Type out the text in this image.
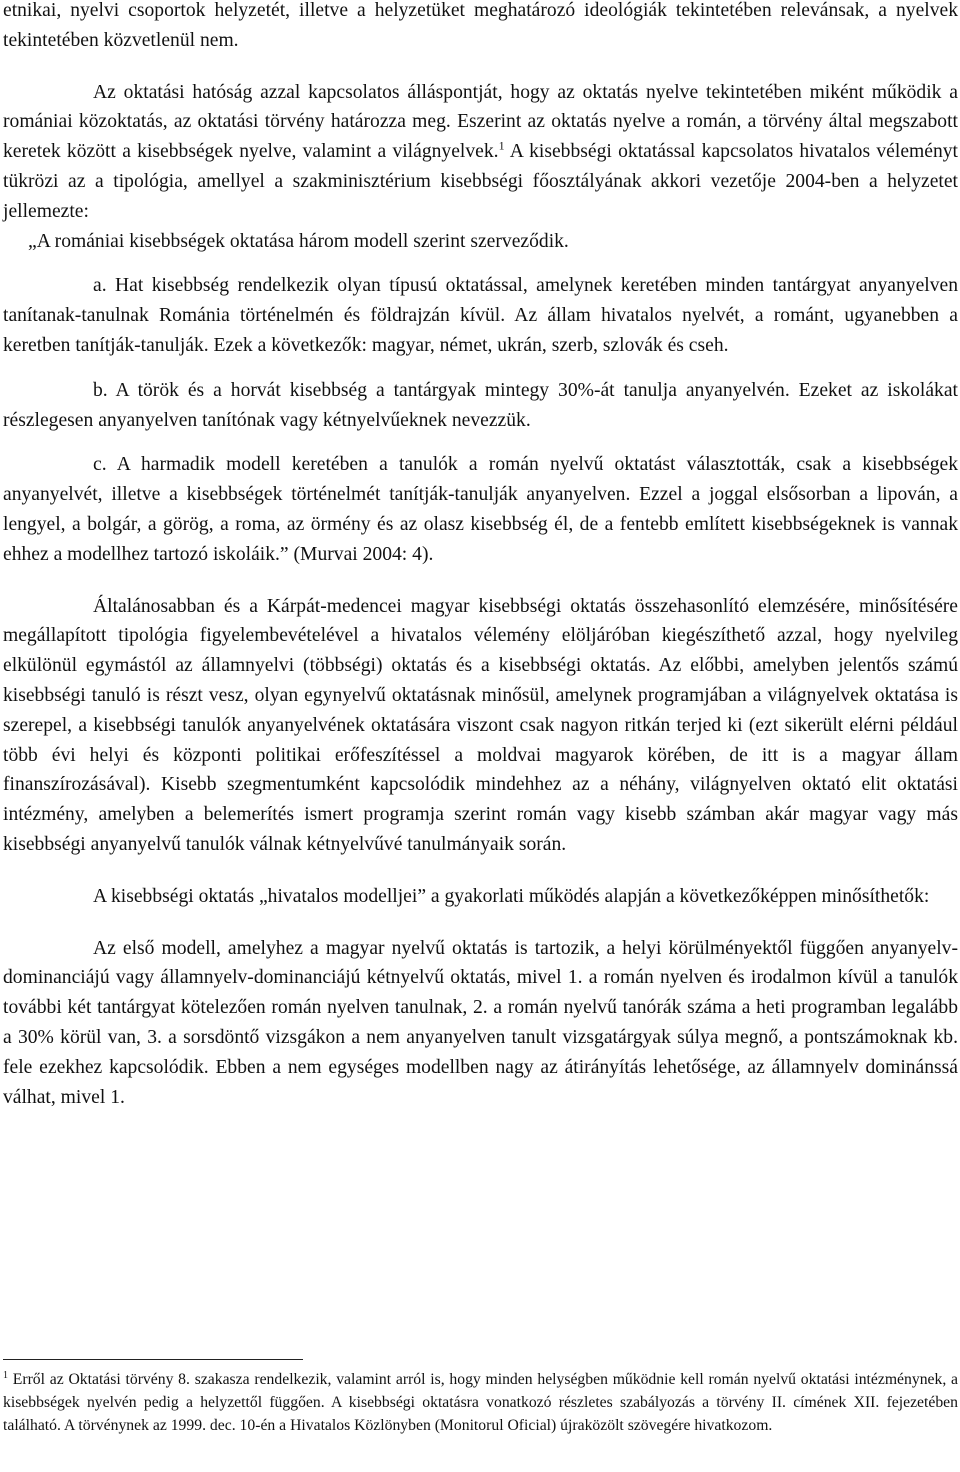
etnikai, nyelvi csoportok helyzetét, illetve a helyzetüket meghatározó ideológiák tekintetében relevánsak, a nyelvek tekintetében közvetlenül nem.

Az oktatási hatóság azzal kapcsolatos álláspontját, hogy az oktatás nyelve tekintetében miként működik a romániai közoktatás, az oktatási törvény határozza meg. Eszerint az oktatás nyelve a román, a törvény által megszabott keretek között a kisebbségek nyelve, valamint a világnyelvek.$^1$ A kisebbségi oktatással kapcsolatos hivatalos véleményt tükrözi az a tipológia, amellyel a szakminisztérium kisebbségi főosztályának akkori vezetője 2004-ben a helyzetet jellemezte:

„A romániai kisebbségek oktatása három modell szerint szerveződik.

a. Hat kisebbség rendelkezik olyan típusú oktatással, amelynek keretében minden tantárgyat anyanyelven tanítanak-tanulnak Románia történelmén és földrajzán kívül. Az állam hivatalos nyelvét, a románt, ugyanebben a keretben tanítják-tanulják. Ezek a következők: magyar, német, ukrán, szerb, szlovák és cseh.

b. A török és a horvát kisebbség a tantárgyak mintegy 30%-át tanulja anyanyelvén. Ezeket az iskolákat részlegesen anyanyelven tanítónak vagy kétnyelvűeknek nevezzük.

c. A harmadik modell keretében a tanulók a román nyelvű oktatást választották, csak a kisebbségek anyanyelvét, illetve a kisebbségek történelmét tanítják-tanulják anyanyelven. Ezzel a joggal elsősorban a lipován, a lengyel, a bolgár, a görög, a roma, az örmény és az olasz kisebbség él, de a fentebb említett kisebbségeknek is vannak ehhez a modellhez tartozó iskoláik.” (Murvai 2004: 4).

Általánosabban és a Kárpát-medencei magyar kisebbségi oktatás összehasonlító elemzésére, minősítésére megállapított tipológia figyelembevételével a hivatalos vélemény elöljáróban kiegészíthető azzal, hogy nyelvileg elkülönül egymástól az államnyelvi (többségi) oktatás és a kisebbségi oktatás. Az előbbi, amelyben jelentős számú kisebbségi tanuló is részt vesz, olyan egynyelvű oktatásnak minősül, amelynek programjában a világnyelvek oktatása is szerepel, a kisebbségi tanulók anyanyelvének oktatására viszont csak nagyon ritkán terjed ki (ezt sikerült elérni például több évi helyi és központi politikai erőfeszítéssel a moldvai magyarok körében, de itt is a magyar állam finanszírozásával). Kisebb szegmentumként kapcsolódik mindehhez az a néhány, világnyelven oktató elit oktatási intézmény, amelyben a belemerítés ismert programja szerint román vagy kisebb számban akár magyar vagy más kisebbségi anyanyelvű tanulók válnak kétnyelvűvé tanulmányaik során.

A kisebbségi oktatás „hivatalos modelljei” a gyakorlati működés alapján a következőképpen minősíthetők:

Az első modell, amelyhez a magyar nyelvű oktatás is tartozik, a helyi körülményektől függően anyanyelv-dominanciájú vagy államnyelv-dominanciájú kétnyelvű oktatás, mivel 1. a román nyelven és irodalmon kívül a tanulók további két tantárgyat kötelezően román nyelven tanulnak, 2. a román nyelvű tanórák száma a heti programban legalább a 30% körül van, 3. a sorsdöntő vizsgákon a nem anyanyelven tanult vizsgatárgyak súlya megnő, a pontszámoknak kb. fele ezekhez kapcsolódik. Ebben a nem egységes modellben nagy az átirányítás lehetősége, az államnyelv dominánssá válhat, mivel 1.

$^1$ Erről az Oktatási törvény 8. szakasza rendelkezik, valamint arról is, hogy minden helységben működnie kell román nyelvű oktatási intézménynek, a kisebbségek nyelvén pedig a helyzettől függően. A kisebbségi oktatásra vonatkozó részletes szabályozás a törvény II. címének XII. fejezetében található. A törvénynek az 1999. dec. 10-én a Hivatalos Közlönyben (Monitorul Oficial) újraközölt szövegére hivatkozom.
